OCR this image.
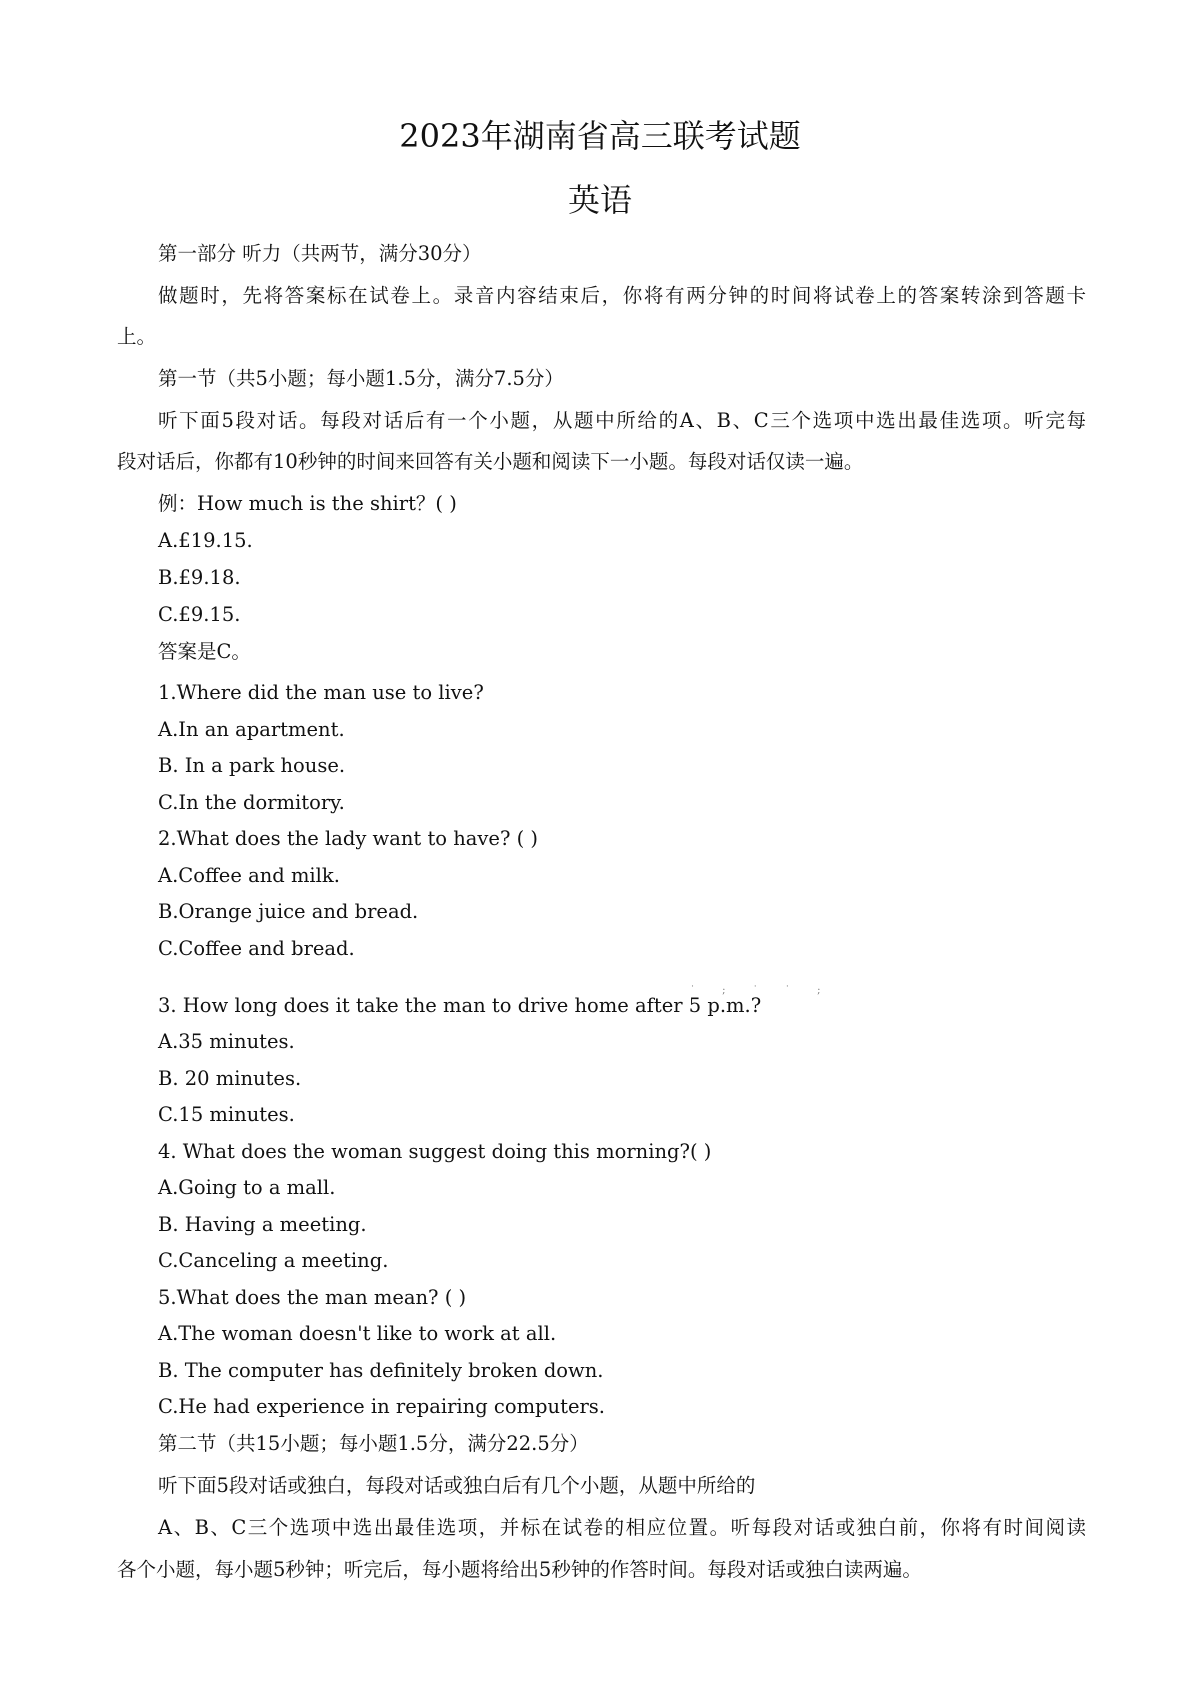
2023年湖南省高三联考试题
英语
第一部分 听力（共两节，满分30分）
做题时，先将答案标在试卷上。录音内容结束后，你将有两分钟的时间将试卷上的答案转涂到答题卡
上。
第一节（共5小题；每小题1.5分，满分7.5分）
听下面5段对话。每段对话后有一个小题，从题中所给的A、B、C三个选项中选出最佳选项。听完每
段对话后，你都有10秒钟的时间来回答有关小题和阅读下一小题。每段对话仅读一遍。
例：How much is the shirt？( )
A.£19.15.
B.£9.18.
C.£9.15.
答案是C。
1.Where did the man use to live?
A.In an apartment.
B. In a park house.
C.In the dormitory.
2.What does the lady want to have? ( )
A.Coffee and milk.
B.Orange juice and bread.
C.Coffee and bread.
3. How long does it take the man to drive home after 5 p.m.?
˙ ; ˙ ˙ ;
A.35 minutes.
B. 20 minutes.
C.15 minutes.
4. What does the woman suggest doing this morning?( )
A.Going to a mall.
B. Having a meeting.
C.Canceling a meeting.
5.What does the man mean? ( )
A.The woman doesn't like to work at all.
B. The computer has definitely broken down.
C.He had experience in repairing computers.
第二节（共15小题；每小题1.5分，满分22.5分）
听下面5段对话或独白，每段对话或独白后有几个小题，从题中所给的
A、B、C三个选项中选出最佳选项，并标在试卷的相应位置。听每段对话或独白前，你将有时间阅读
各个小题，每小题5秒钟；听完后，每小题将给出5秒钟的作答时间。每段对话或独白读两遍。
